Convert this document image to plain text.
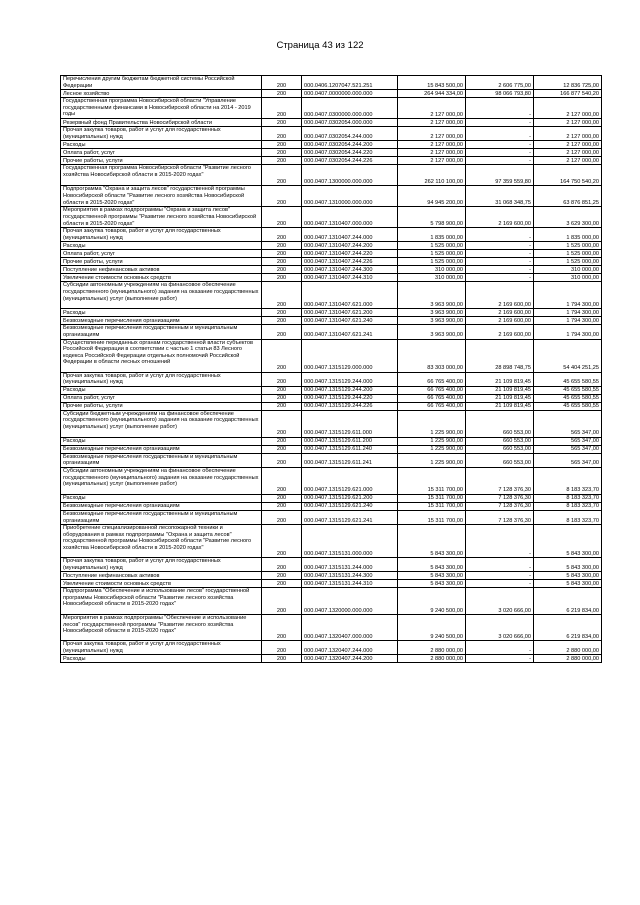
Страница 43 из 122
Перечисления другим бюджетам бюджетной системы Российской Федерации	200	000.0406.1207047.521.251	15 843 500,00	2 606 775,00	12 836 725,00
Лесное хозяйство	200	000.0407.0000000.000.000	264 944 334,00	98 066 793,80	166 877 540,20
Государственная программа Новосибирской области "Управление государственными финансами в Новосибирской области на 2014 - 2019 годы	200	000.0407.0300000.000.000	2 127 000,00	-	2 127 000,00
Резервный фонд Правительства Новосибирской области	200	000.0407.0302054.000.000	2 127 000,00	-	2 127 000,00
Прочая закупка товаров, работ и услуг для государственных (муниципальных) нужд	200	000.0407.0302054.244.000	2 127 000,00	-	2 127 000,00
Расходы	200	000.0407.0302054.244.200	2 127 000,00	-	2 127 000,00
Оплата работ, услуг	200	000.0407.0302054.244.220	2 127 000,00	-	2 127 000,00
Прочие работы, услуги	200	000.0407.0302054.244.226	2 127 000,00	-	2 127 000,00
Государственная программа Новосибирской области "Развитие лесного хозяйства Новосибирской области в 2015-2020 годах"	200	000.0407.1300000.000.000	262 110 100,00	97 359 559,80	164 750 540,20
Подпрограмма "Охрана и защита лесов" государственной программы Новосибирской области "Развитие лесного хозяйства Новосибирской области в 2015-2020 годах"	200	000.0407.1310000.000.000	94 945 200,00	31 068 348,75	63 876 851,25
Мероприятия в рамках подпрограммы "Охрана и защита лесов" государственной программы "Развитие лесного хозяйства Новосибирской области в 2015-2020 годах"	200	000.0407.1310407.000.000	5 798 900,00	2 169 600,00	3 629 300,00
Прочая закупка товаров, работ и услуг для государственных (муниципальных) нужд	200	000.0407.1310407.244.000	1 835 000,00	-	1 835 000,00
Расходы	200	000.0407.1310407.244.200	1 525 000,00	-	1 525 000,00
Оплата работ, услуг	200	000.0407.1310407.244.220	1 525 000,00	-	1 525 000,00
Прочие работы, услуги	200	000.0407.1310407.244.226	1 525 000,00	-	1 525 000,00
Поступление нефинансовых активов	200	000.0407.1310407.244.300	310 000,00	-	310 000,00
Увеличение стоимости основных средств	200	000.0407.1310407.244.310	310 000,00	-	310 000,00
Субсидии автономным учреждениям на финансовое обеспечение государственного (муниципального) задания на оказание государственных (муниципальных) услуг (выполнение работ)	200	000.0407.1310407.621.000	3 963 900,00	2 169 600,00	1 794 300,00
Расходы	200	000.0407.1310407.621.200	3 963 900,00	2 169 600,00	1 794 300,00
Безвозмездные перечисления организациям	200	000.0407.1310407.621.240	3 963 900,00	2 169 600,00	1 794 300,00
Безвозмездные перечисления государственным и муниципальным организациям	200	000.0407.1310407.621.241	3 963 900,00	2 169 600,00	1 794 300,00
Осуществление переданных органам государственной власти субъектов Российской Федерации в соответствии с частью 1 статьи 83 Лесного кодекса Российской Федерации отдельных полномочий Российской Федерации в области лесных отношений	200	000.0407.1315129.000.000	83 303 000,00	28 898 748,75	54 404 251,25
Прочая закупка товаров, работ и услуг для государственных (муниципальных) нужд	200	000.0407.1315129.244.000	66 765 400,00	21 109 819,45	45 655 580,55
Расходы	200	000.0407.1315129.244.200	66 765 400,00	21 109 819,45	45 655 580,55
Оплата работ, услуг	200	000.0407.1315129.244.220	66 765 400,00	21 109 819,45	45 655 580,55
Прочие работы, услуги	200	000.0407.1315129.244.226	66 765 400,00	21 109 819,45	45 655 580,55
Субсидии бюджетным учреждениям на финансовое обеспечение государственного (муниципального) задания на оказание государственных (муниципальных) услуг (выполнение работ)	200	000.0407.1315129.611.000	1 225 900,00	660 553,00	565 347,00
Расходы	200	000.0407.1315129.611.200	1 225 900,00	660 553,00	565 347,00
Безвозмездные перечисления организациям	200	000.0407.1315129.611.240	1 225 900,00	660 553,00	565 347,00
Безвозмездные перечисления государственным и муниципальным организациям	200	000.0407.1315129.611.241	1 225 900,00	660 553,00	565 347,00
Субсидии автономным учреждениям на финансовое обеспечение государственного (муниципального) задания на оказание государственных (муниципальных) услуг (выполнение работ)	200	000.0407.1315129.621.000	15 311 700,00	7 128 376,30	8 183 323,70
Расходы	200	000.0407.1315129.621.200	15 311 700,00	7 128 376,30	8 183 323,70
Безвозмездные перечисления организациям	200	000.0407.1315129.621.240	15 311 700,00	7 128 376,30	8 183 323,70
Безвозмездные перечисления государственным и муниципальным организациям	200	000.0407.1315129.621.241	15 311 700,00	7 128 376,30	8 183 323,70
Приобретение специализированной лесопожарной техники и оборудования в рамках подпрограммы "Охрана и защита лесов" государственной программы Новосибирской области "Развитие лесного хозяйства Новосибирской области в 2015-2020 годах"	200	000.0407.1315131.000.000	5 843 300,00	-	5 843 300,00
Прочая закупка товаров, работ и услуг для государственных (муниципальных) нужд	200	000.0407.1315131.244.000	5 843 300,00	-	5 843 300,00
Поступление нефинансовых активов	200	000.0407.1315131.244.300	5 843 300,00	-	5 843 300,00
Увеличение стоимости основных средств	200	000.0407.1315131.244.310	5 843 300,00	-	5 843 300,00
Подпрограмма "Обеспечение и использование лесов" государственной программы Новосибирской области "Развитие лесного хозяйства Новосибирской области в 2015-2020 годах"	200	000.0407.1320000.000.000	9 240 500,00	3 020 666,00	6 219 834,00
Мероприятия в рамках подпрограммы "Обеспечение и использование лесов" государственной программы "Развитие лесного хозяйства Новосибирской области в 2015-2020 годах"	200	000.0407.1320407.000.000	9 240 500,00	3 020 666,00	6 219 834,00
Прочая закупка товаров, работ и услуг для государственных (муниципальных) нужд	200	000.0407.1320407.244.000	2 880 000,00	-	2 880 000,00
Расходы	200	000.0407.1320407.244.200	2 880 000,00	-	2 880 000,00
